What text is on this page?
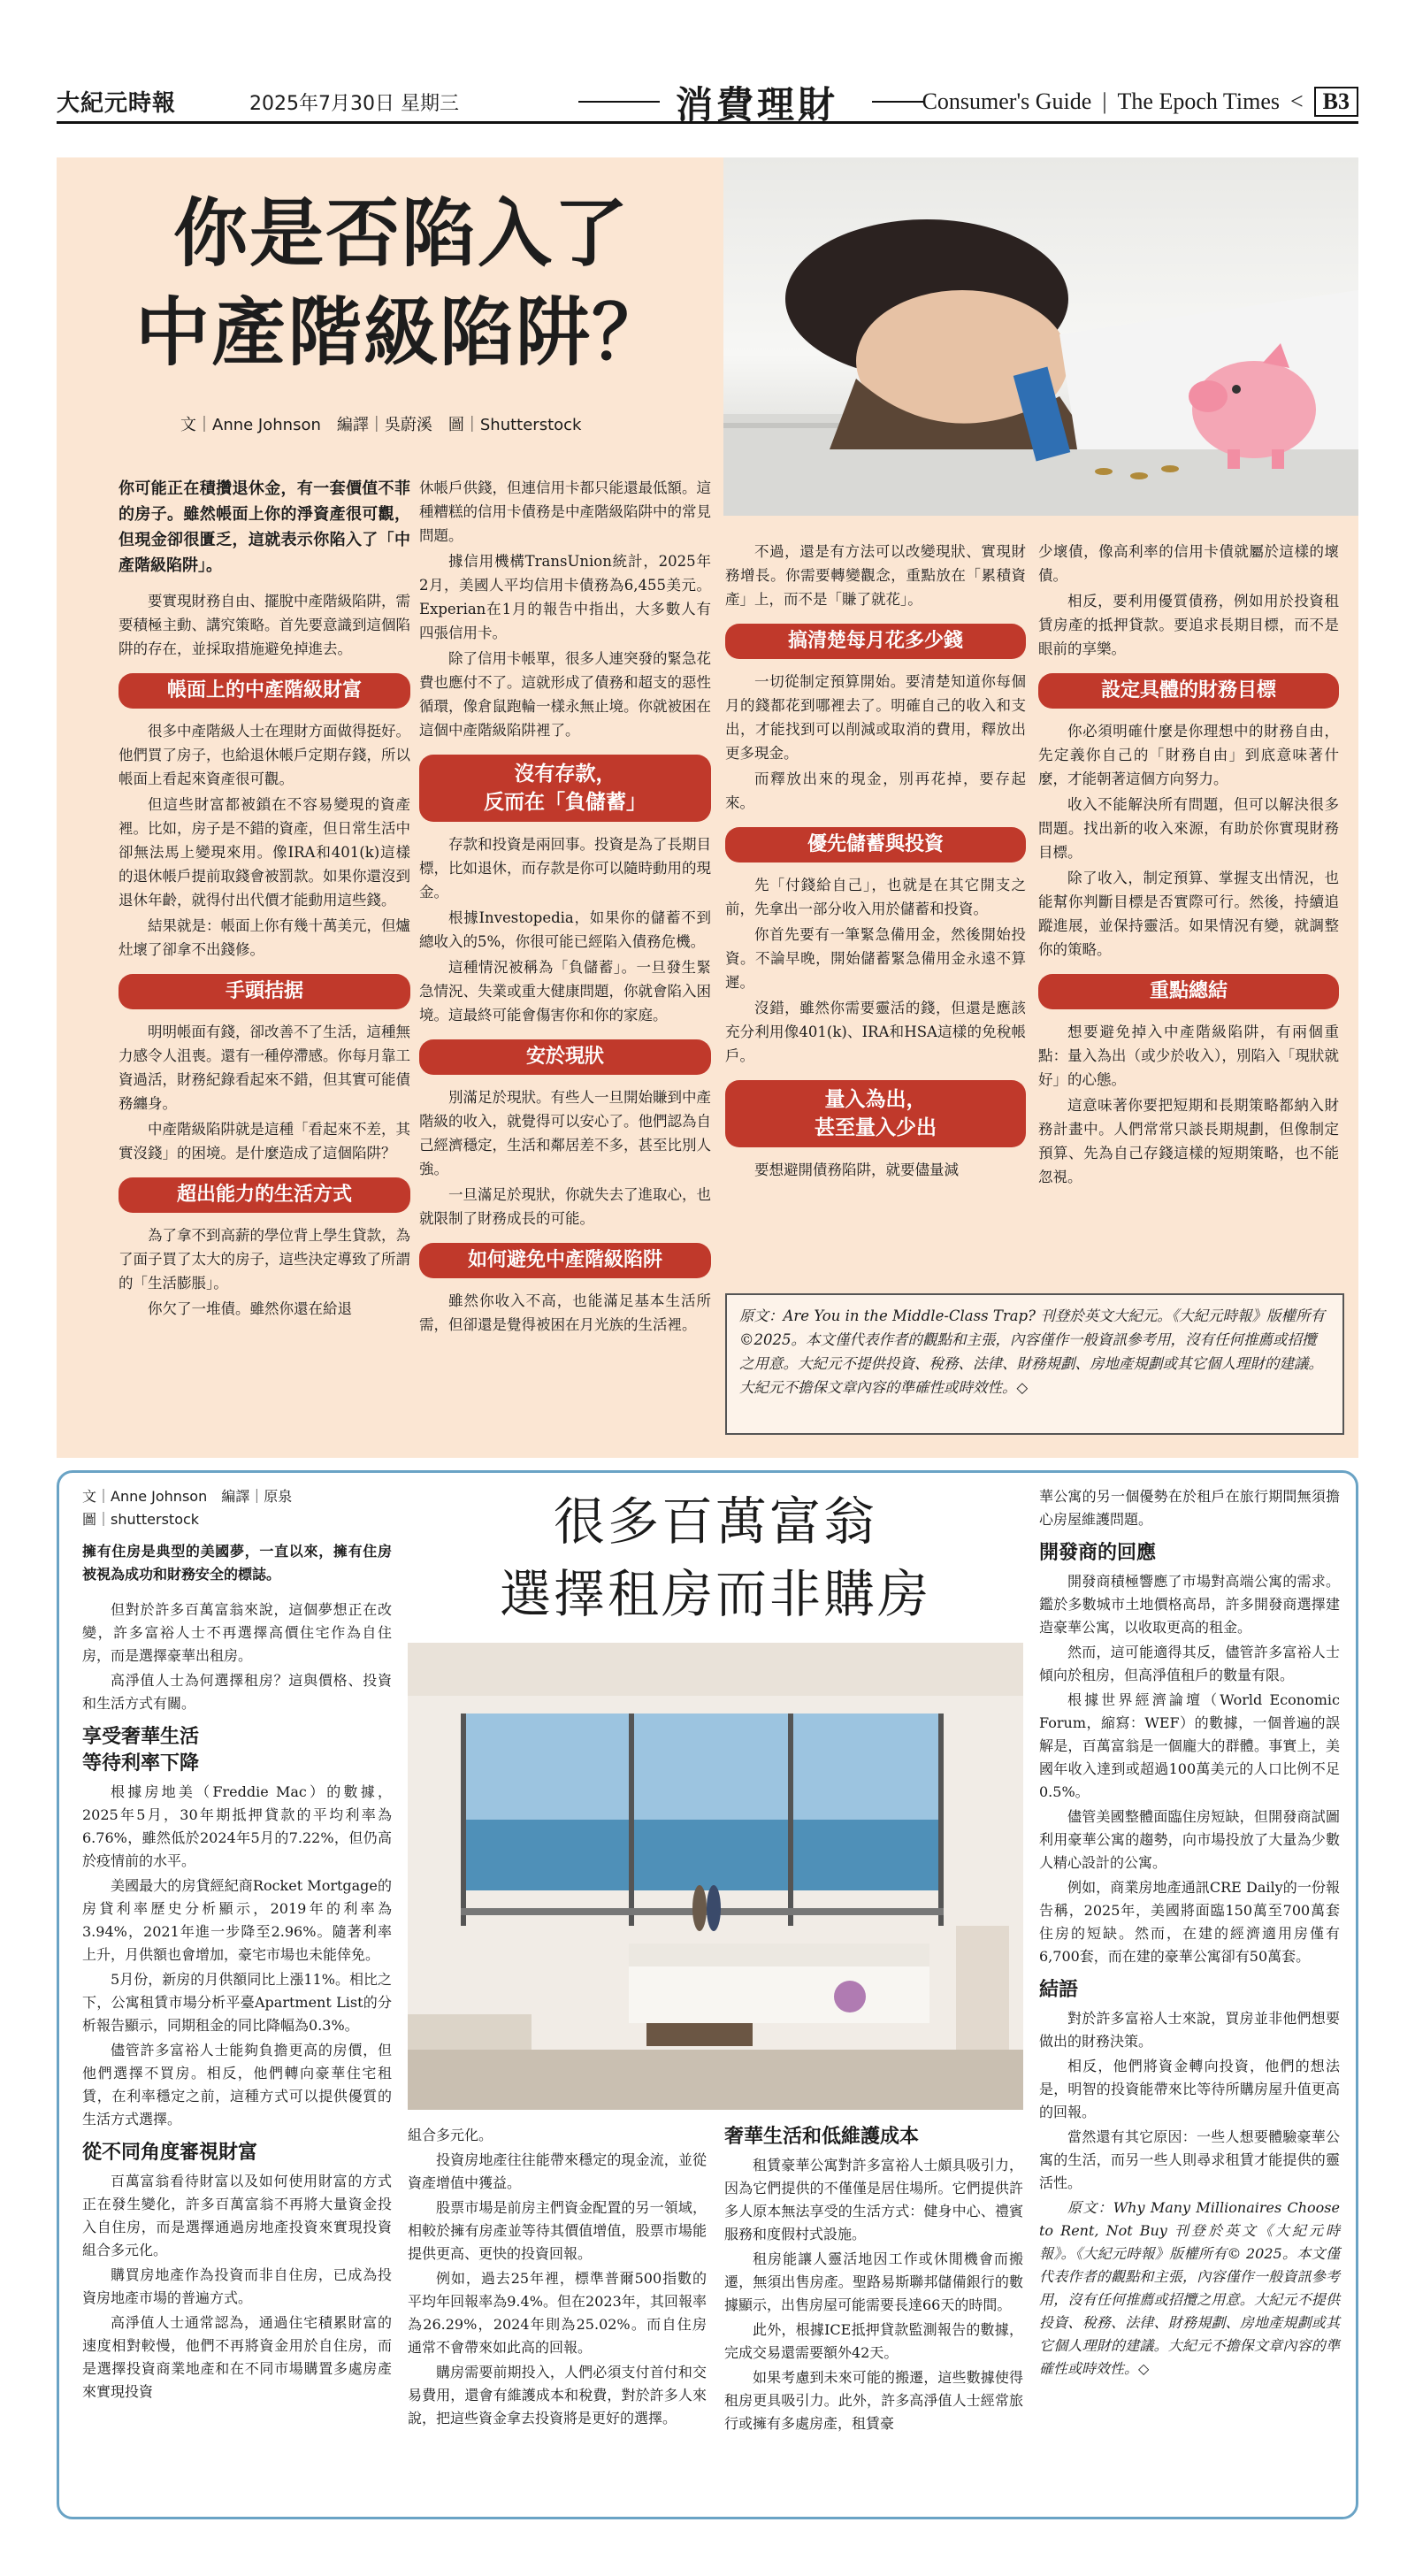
大紀元時報	2025年7月30日 星期三	消費理財	Consumer's Guide | The Epoch Times < B3
你是否陷入了
中產階級陷阱？
文｜Anne Johnson　編譯｜吳蔚溪　圖｜Shutterstock

你可能正在積攢退休金，有一套價值不菲的房子。雖然帳面上你的淨資產很可觀，但現金卻很匱乏，這就表示你陷入了「中產階級陷阱」。

要實現財務自由、擺脫中產階級陷阱，需要積極主動、講究策略。首先要意識到這個陷阱的存在，並採取措施避免掉進去。

帳面上的中產階級財富

很多中產階級人士在理財方面做得挺好。他們買了房子，也給退休帳戶定期存錢，所以帳面上看起來資產很可觀。

但這些財富都被鎖在不容易變現的資產裡。比如，房子是不錯的資產，但日常生活中卻無法馬上變現來用。像IRA和401(k)這樣的退休帳戶提前取錢會被罰款。如果你還沒到退休年齡，就得付出代價才能動用這些錢。

結果就是：帳面上你有幾十萬美元，但爐灶壞了卻拿不出錢修。

手頭拮据

明明帳面有錢，卻改善不了生活，這種無力感令人沮喪。還有一種停滯感。你每月靠工資過活，財務紀錄看起來不錯，但其實可能債務纏身。

中產階級陷阱就是這種「看起來不差，其實沒錢」的困境。是什麼造成了這個陷阱？

超出能力的生活方式

為了拿不到高薪的學位背上學生貸款，為了面子買了太大的房子，這些決定導致了所謂的「生活膨脹」。

你欠了一堆債。雖然你還在給退

休帳戶供錢，但連信用卡都只能還最低額。這種糟糕的信用卡債務是中產階級陷阱中的常見問題。

據信用機構TransUnion統計，2025年2月，美國人平均信用卡債務為6,455美元。Experian在1月的報告中指出，大多數人有四張信用卡。

除了信用卡帳單，很多人連突發的緊急花費也應付不了。這就形成了債務和超支的惡性循環，像倉鼠跑輪一樣永無止境。你就被困在這個中產階級陷阱裡了。

沒有存款，
反而在「負儲蓄」

存款和投資是兩回事。投資是為了長期目標，比如退休，而存款是你可以隨時動用的現金。

根據Investopedia，如果你的儲蓄不到總收入的5%，你很可能已經陷入債務危機。

這種情況被稱為「負儲蓄」。一旦發生緊急情況、失業或重大健康問題，你就會陷入困境。這最終可能會傷害你和你的家庭。

安於現狀

別滿足於現狀。有些人一旦開始賺到中產階級的收入，就覺得可以安心了。他們認為自己經濟穩定，生活和鄰居差不多，甚至比別人強。

一旦滿足於現狀，你就失去了進取心，也就限制了財務成長的可能。

如何避免中產階級陷阱

雖然你收入不高，也能滿足基本生活所需，但卻還是覺得被困在月光族的生活裡。

不過，還是有方法可以改變現狀、實現財務增長。你需要轉變觀念，重點放在「累積資產」上，而不是「賺了就花」。

搞清楚每月花多少錢

一切從制定預算開始。要清楚知道你每個月的錢都花到哪裡去了。明確自己的收入和支出，才能找到可以削減或取消的費用，釋放出更多現金。

而釋放出來的現金，別再花掉，要存起來。

優先儲蓄與投資

先「付錢給自己」，也就是在其它開支之前，先拿出一部分收入用於儲蓄和投資。

你首先要有一筆緊急備用金，然後開始投資。不論早晚，開始儲蓄緊急備用金永遠不算遲。

沒錯，雖然你需要靈活的錢，但還是應該充分利用像401(k)、IRA和HSA這樣的免稅帳戶。

量入為出，
甚至量入少出

要想避開債務陷阱，就要儘量減

少壞債，像高利率的信用卡債就屬於這樣的壞債。

相反，要利用優質債務，例如用於投資租賃房產的抵押貸款。要追求長期目標，而不是眼前的享樂。

設定具體的財務目標

你必須明確什麼是你理想中的財務自由，先定義你自己的「財務自由」到底意味著什麼，才能朝著這個方向努力。

收入不能解決所有問題，但可以解決很多問題。找出新的收入來源，有助於你實現財務目標。

除了收入，制定預算、掌握支出情況，也能幫你判斷目標是否實際可行。然後，持續追蹤進展，並保持靈活。如果情況有變，就調整你的策略。

重點總結

想要避免掉入中產階級陷阱，有兩個重點：量入為出（或少於收入），別陷入「現狀就好」的心態。

這意味著你要把短期和長期策略都納入財務計畫中。人們常常只談長期規劃，但像制定預算、先為自己存錢這樣的短期策略，也不能忽視。

原文：Are You in the Middle-Class Trap? 刊登於英文大紀元。《大紀元時報》版權所有©2025。本文僅代表作者的觀點和主張，內容僅作一般資訊參考用，沒有任何推薦或招攬之用意。大紀元不提供投資、稅務、法律、財務規劃、房地產規劃或其它個人理財的建議。大紀元不擔保文章內容的準確性或時效性。◇
很多百萬富翁
選擇租房而非購房
文｜Anne Johnson　編譯｜原泉
圖｜shutterstock

擁有住房是典型的美國夢，一直以來，擁有住房被視為成功和財務安全的標誌。

但對於許多百萬富翁來說，這個夢想正在改變，許多富裕人士不再選擇高價住宅作為自住房，而是選擇豪華出租房。

高淨值人士為何選擇租房？這與價格、投資和生活方式有關。

享受奢華生活
等待利率下降

根據房地美（Freddie Mac）的數據，2025年5月，30年期抵押貸款的平均利率為6.76%，雖然低於2024年5月的7.22%，但仍高於疫情前的水平。

美國最大的房貸經紀商Rocket Mortgage的房貸利率歷史分析顯示，2019年的利率為3.94%，2021年進一步降至2.96%。隨著利率上升，月供額也會增加，豪宅市場也未能倖免。

5月份，新房的月供額同比上漲11%。相比之下，公寓租賃市場分析平臺Apartment List的分析報告顯示，同期租金的同比降幅為0.3%。

儘管許多富裕人士能夠負擔更高的房價，但他們選擇不買房。相反，他們轉向豪華住宅租賃，在利率穩定之前，這種方式可以提供優質的生活方式選擇。

從不同角度審視財富

百萬富翁看待財富以及如何使用財富的方式正在發生變化，許多百萬富翁不再將大量資金投入自住房，而是選擇通過房地產投資來實現投資組合多元化。

購買房地產作為投資而非自住房，已成為投資房地產市場的普遍方式。

高淨值人士通常認為，通過住宅積累財富的速度相對較慢，他們不再將資金用於自住房，而是選擇投資商業地產和在不同市場購置多處房產來實現投資

組合多元化。

投資房地產往往能帶來穩定的現金流，並從資產增值中獲益。

股票市場是前房主們資金配置的另一領域，相較於擁有房產並等待其價值增值，股票市場能提供更高、更快的投資回報。

例如，過去25年裡，標準普爾500指數的平均年回報率為9.4%。但在2023年，其回報率為26.29%，2024年則為25.02%。而自住房通常不會帶來如此高的回報。

購房需要前期投入，人們必須支付首付和交易費用，還會有維護成本和稅費，對於許多人來說，把這些資金拿去投資將是更好的選擇。

奢華生活和低維護成本

租賃豪華公寓對許多富裕人士頗具吸引力，因為它們提供的不僅僅是居住場所。它們提供許多人原本無法享受的生活方式：健身中心、禮賓服務和度假村式設施。

租房能讓人靈活地因工作或休閒機會而搬遷，無須出售房產。聖路易斯聯邦儲備銀行的數據顯示，出售房屋可能需要長達66天的時間。

此外，根據ICE抵押貸款監測報告的數據，完成交易還需要額外42天。

如果考慮到未來可能的搬遷，這些數據使得租房更具吸引力。此外，許多高淨值人士經常旅行或擁有多處房產，租賃豪

華公寓的另一個優勢在於租戶在旅行期間無須擔心房屋維護問題。

開發商的回應

開發商積極響應了市場對高端公寓的需求。鑑於多數城市土地價格高昂，許多開發商選擇建造豪華公寓，以收取更高的租金。

然而，這可能適得其反，儘管許多富裕人士傾向於租房，但高淨值租戶的數量有限。

根據世界經濟論壇（World Economic Forum，縮寫：WEF）的數據，一個普遍的誤解是，百萬富翁是一個龐大的群體。事實上，美國年收入達到或超過100萬美元的人口比例不足0.5%。

儘管美國整體面臨住房短缺，但開發商試圖利用豪華公寓的趨勢，向市場投放了大量為少數人精心設計的公寓。

例如，商業房地產通訊CRE Daily的一份報告稱，2025年，美國將面臨150萬至700萬套住房的短缺。然而，在建的經濟適用房僅有6,700套，而在建的豪華公寓卻有50萬套。

結語

對於許多富裕人士來說，買房並非他們想要做出的財務決策。

相反，他們將資金轉向投資，他們的想法是，明智的投資能帶來比等待所購房屋升值更高的回報。

當然還有其它原因：一些人想要體驗豪華公寓的生活，而另一些人則尋求租賃才能提供的靈活性。

原文：Why Many Millionaires Choose to Rent, Not Buy 刊登於英文《大紀元時報》。《大紀元時報》版權所有© 2025。本文僅代表作者的觀點和主張，內容僅作一般資訊參考用，沒有任何推薦或招攬之用意。大紀元不提供投資、稅務、法律、財務規劃、房地產規劃或其它個人理財的建議。大紀元不擔保文章內容的準確性或時效性。◇
